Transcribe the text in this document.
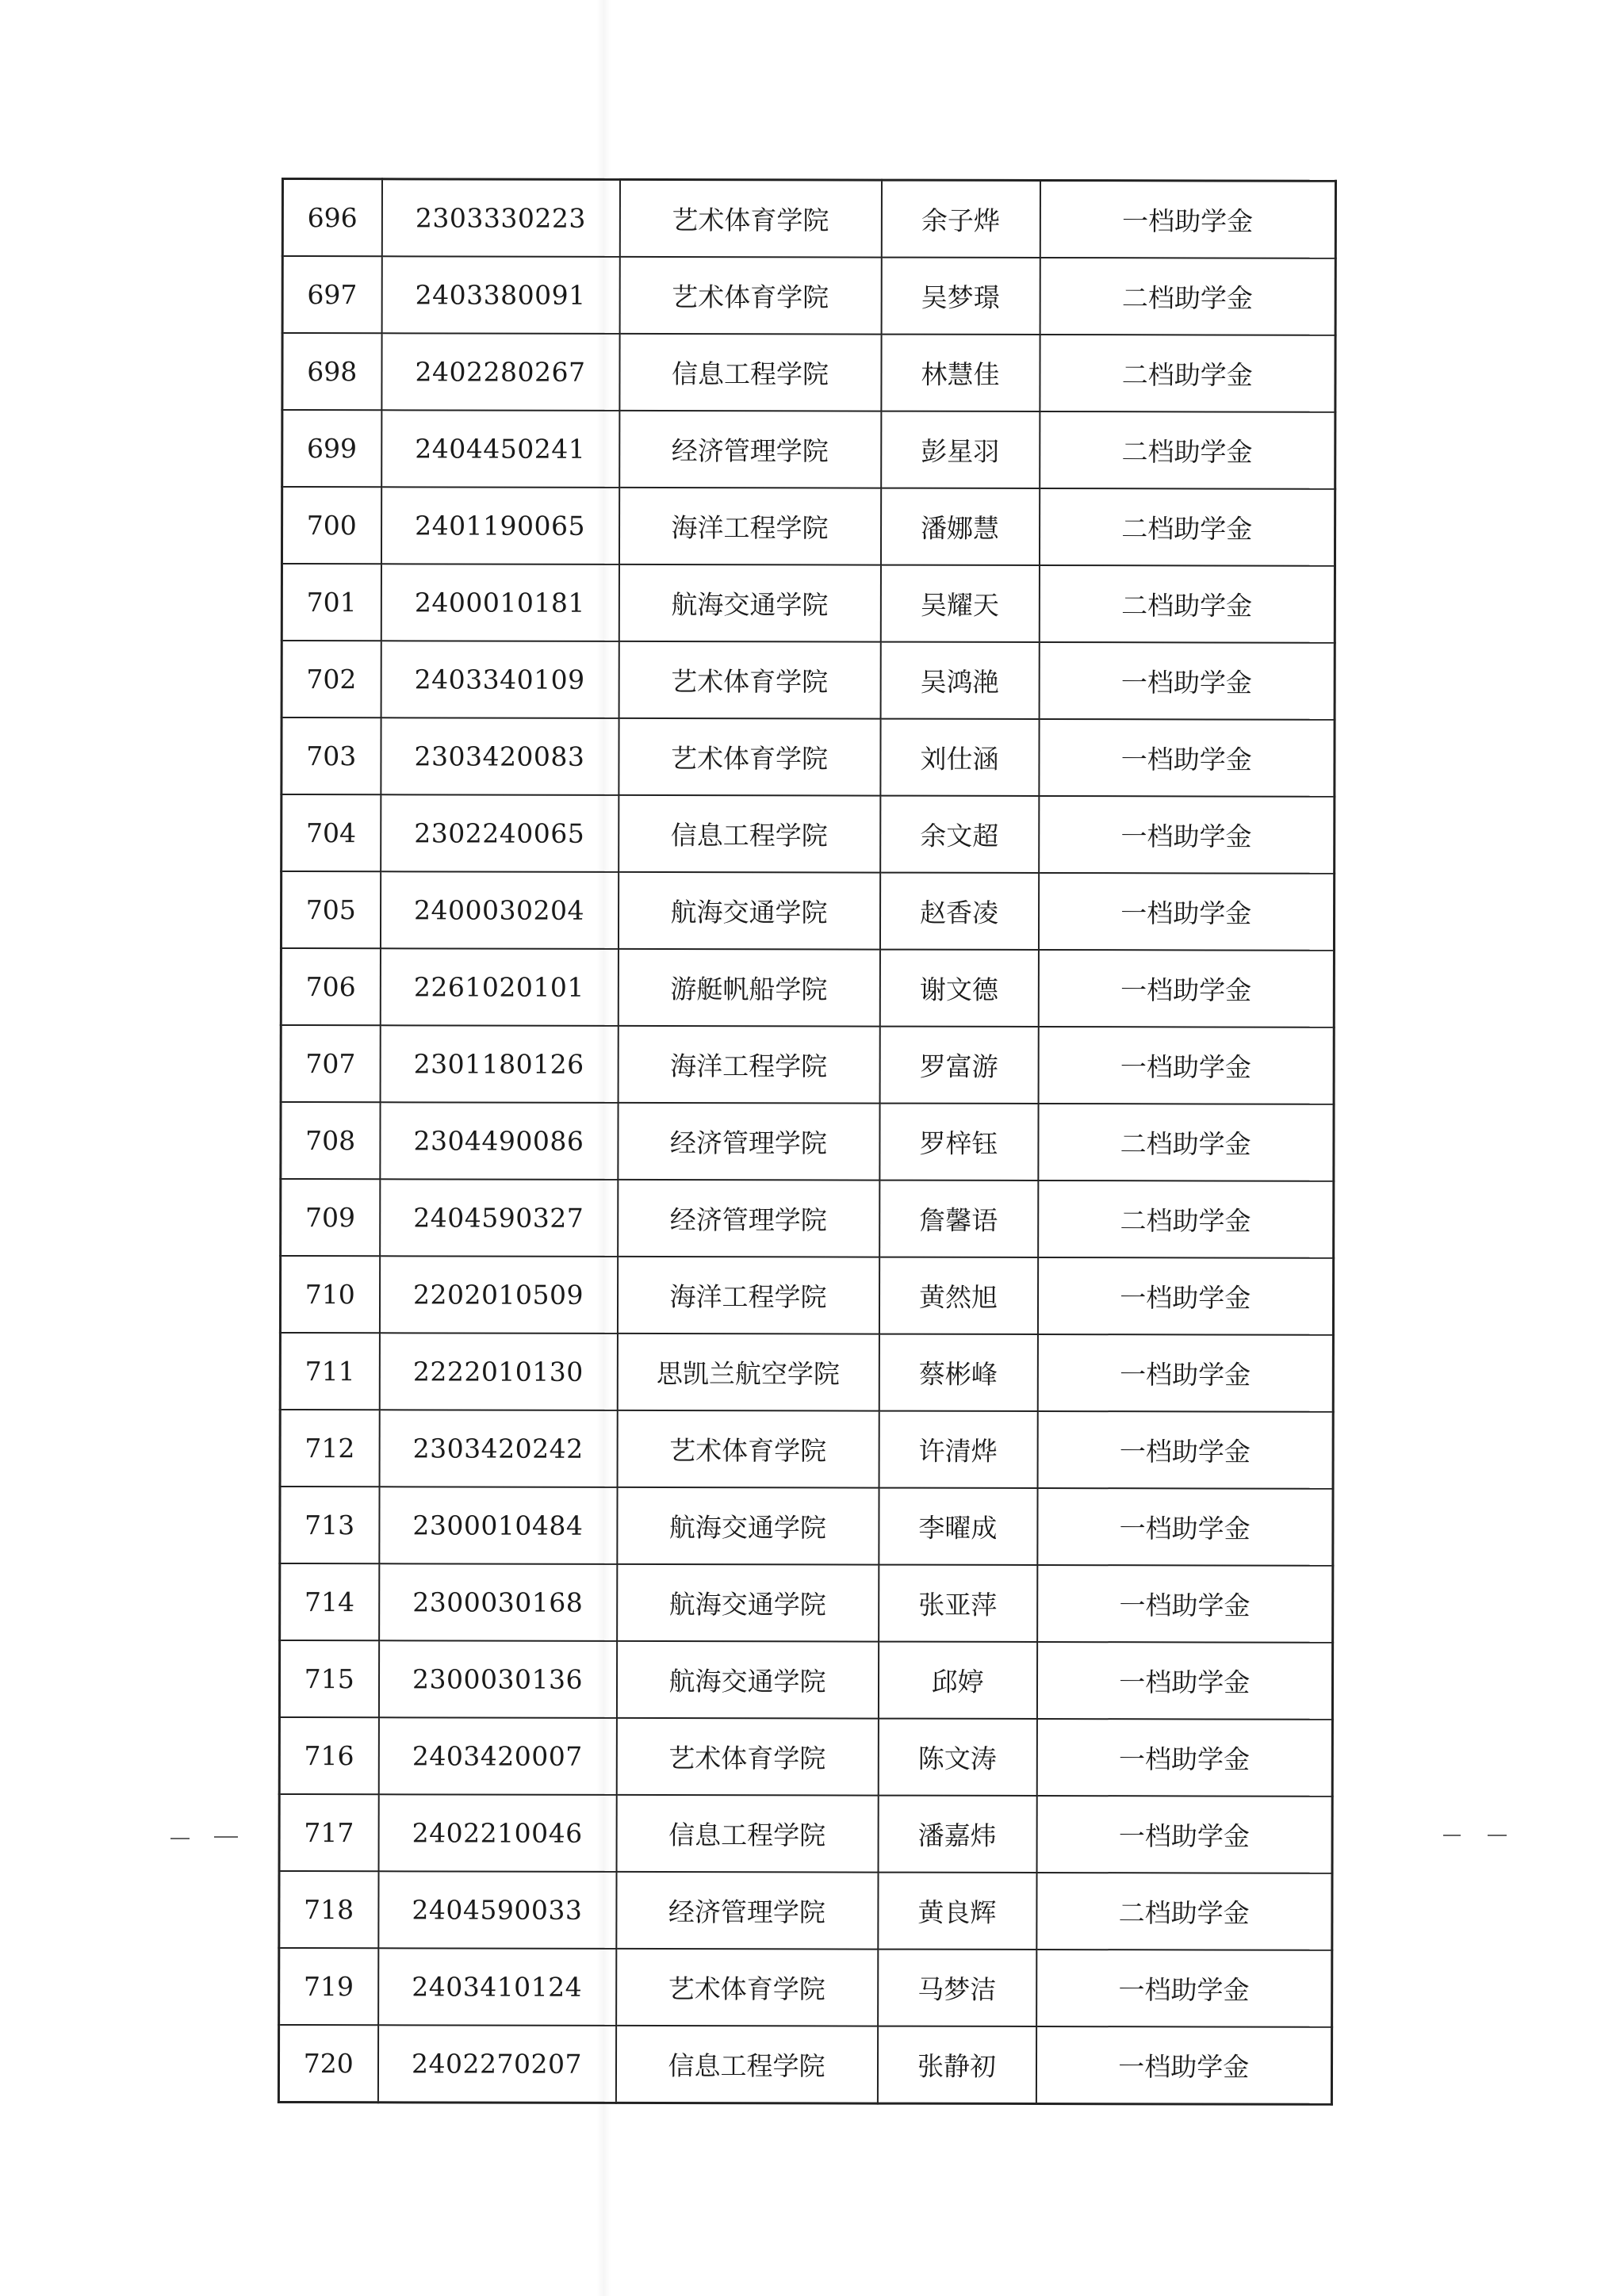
696	2303330223	艺术体育学院	余子烨	一档助学金
697	2403380091	艺术体育学院	吴梦璟	二档助学金
698	2402280267	信息工程学院	林慧佳	二档助学金
699	2404450241	经济管理学院	彭星羽	二档助学金
700	2401190065	海洋工程学院	潘娜慧	二档助学金
701	2400010181	航海交通学院	吴耀天	二档助学金
702	2403340109	艺术体育学院	吴鸿滟	一档助学金
703	2303420083	艺术体育学院	刘仕涵	一档助学金
704	2302240065	信息工程学院	余文超	一档助学金
705	2400030204	航海交通学院	赵香凌	一档助学金
706	2261020101	游艇帆船学院	谢文德	一档助学金
707	2301180126	海洋工程学院	罗富游	一档助学金
708	2304490086	经济管理学院	罗梓钰	二档助学金
709	2404590327	经济管理学院	詹馨语	二档助学金
710	2202010509	海洋工程学院	黄然旭	一档助学金
711	2222010130	思凯兰航空学院	蔡彬峰	一档助学金
712	2303420242	艺术体育学院	许清烨	一档助学金
713	2300010484	航海交通学院	李曜成	一档助学金
714	2300030168	航海交通学院	张亚萍	一档助学金
715	2300030136	航海交通学院	邱婷	一档助学金
716	2403420007	艺术体育学院	陈文涛	一档助学金
717	2402210046	信息工程学院	潘嘉炜	一档助学金
718	2404590033	经济管理学院	黄良辉	二档助学金
719	2403410124	艺术体育学院	马梦洁	一档助学金
720	2402270207	信息工程学院	张静初	一档助学金
